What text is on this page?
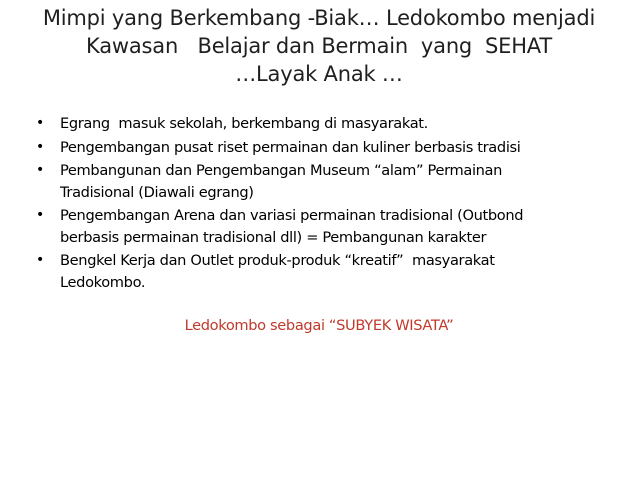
Mimpi yang Berkembang -Biak… Ledokombo menjadi
Kawasan   Belajar dan Bermain  yang  SEHAT
…Layak Anak …
• Egrang  masuk sekolah, berkembang di masyarakat.
• Pengembangan pusat riset permainan dan kuliner berbasis tradisi
• Pembangunan dan Pengembangan Museum “alam” Permainan
Tradisional (Diawali egrang)
• Pengembangan Arena dan variasi permainan tradisional (Outbond
berbasis permainan tradisional dll) = Pembangunan karakter
• Bengkel Kerja dan Outlet produk-produk “kreatif”  masyarakat
Ledokombo.
Ledokombo sebagai “SUBYEK WISATA”
